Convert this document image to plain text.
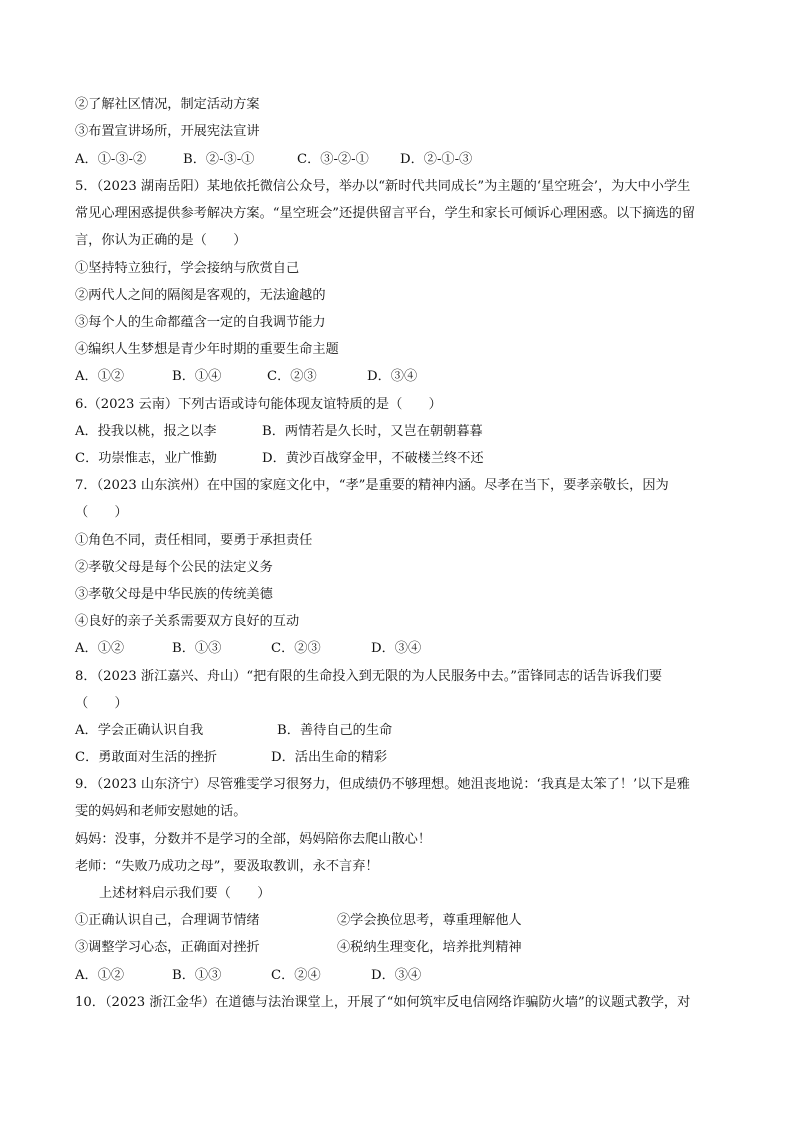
②了解社区情况，制定活动方案
③布置宣讲场所，开展宪法宣讲
A．①-③-②	B．②-③-①	C．③-②-① D．②-①-③
5．（2023 湖南岳阳）某地依托微信公众号，举办以“新时代共同成长”为主题的‘星空班会’，为大中小学生
常见心理困惑提供参考解决方案。“星空班会”还提供留言平台，学生和家长可倾诉心理困惑。以下摘选的留
言，你认为正确的是（　　）
①坚持特立独行，学会接纳与欣赏自己
②两代人之间的隔阂是客观的，无法逾越的
③每个人的生命都蕴含一定的自我调节能力
④编织人生梦想是青少年时期的重要生命主题
A．①②	B．①④	C．②③	D．③④
6.（2023 云南）下列古语或诗句能体现友谊特质的是（　　）
A．投我以桃，报之以李	B．两情若是久长时，又岂在朝朝暮暮
C．功崇惟志，业广惟勤	D．黄沙百战穿金甲，不破楼兰终不还
7．（2023 山东滨州）在中国的家庭文化中，“孝”是重要的精神内涵。尽孝在当下，要孝亲敬长，因为
（　　）
①角色不同，责任相同，要勇于承担责任
②孝敬父母是每个公民的法定义务
③孝敬父母是中华民族的传统美德
④良好的亲子关系需要双方良好的互动
A．①②	B．①③	C．②③	D．③④
8．（2023 浙江嘉兴、舟山）“把有限的生命投入到无限的为人民服务中去。”雷锋同志的话告诉我们要
（　　）
A．学会正确认识自我	B．善待自己的生命
C．勇敢面对生活的挫折	D．活出生命的精彩
9．（2023 山东济宁）尽管雅雯学习很努力，但成绩仍不够理想。她沮丧地说：‘我真是太笨了！’以下是雅
雯的妈妈和老师安慰她的话。
妈妈：没事，分数并不是学习的全部，妈妈陪你去爬山散心！
老师：“失败乃成功之母”，要汲取教训，永不言弃！
上述材料启示我们要（　　）
①正确认识自己，合理调节情绪	②学会换位思考，尊重理解他人
③调整学习心态，正确面对挫折	④税纳生理变化，培养批判精神
A．①②	B．①③	C．②④	D．③④
10．（2023 浙江金华）在道德与法治课堂上，开展了“如何筑牢反电信网络诈骗防火墙”的议题式教学，对
